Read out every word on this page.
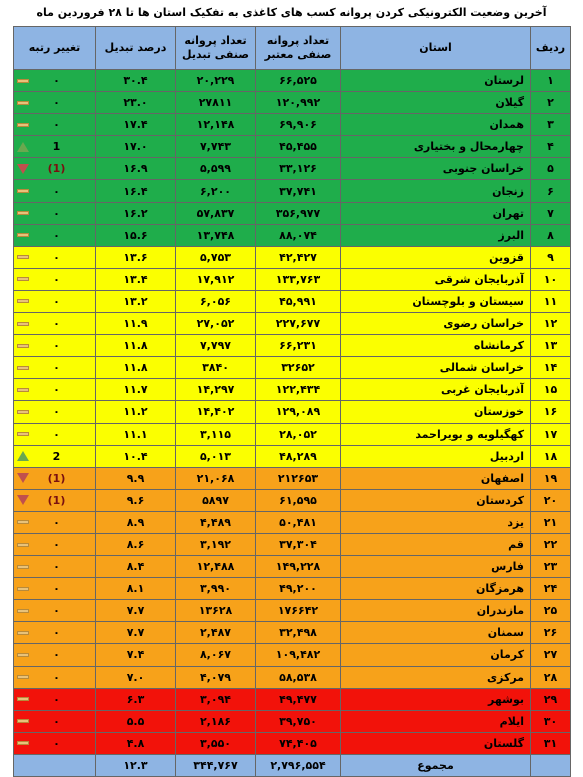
آخرین وضعیت الکترونیکی کردن پروانه کسب های کاغذی به تفکیک استان ها تا ۲۸ فروردین ماه
ردیف	استان	تعداد پروانه صنفی معتبر	تعداد پروانه صنفی تبدیل	درصد تبدیل	تغییر رتبه
۱	لرستان	۶۶,۵۲۵	۲۰,۲۲۹	۳۰.۴	۰
۲	گیلان	۱۲۰,۹۹۲	۲۷۸۱۱	۲۳.۰	۰
۳	همدان	۶۹,۹۰۶	۱۲,۱۴۸	۱۷.۴	۰
۴	چهارمحال و بختیاری	۴۵,۴۵۵	۷,۷۴۳	۱۷.۰	1
۵	خراسان جنوبی	۳۳,۱۲۶	۵,۵۹۹	۱۶.۹	(1)
۶	زنجان	۳۷,۷۴۱	۶,۲۰۰	۱۶.۴	۰
۷	تهران	۳۵۶,۹۷۷	۵۷,۸۳۷	۱۶.۲	۰
۸	البرز	۸۸,۰۷۴	۱۳,۷۴۸	۱۵.۶	۰
۹	قزوین	۴۲,۴۲۷	۵,۷۵۳	۱۳.۶	۰
۱۰	آذربایجان شرقی	۱۳۳,۷۶۳	۱۷,۹۱۲	۱۳.۴	۰
۱۱	سیستان و بلوچستان	۴۵,۹۹۱	۶,۰۵۶	۱۳.۲	۰
۱۲	خراسان رضوی	۲۲۷,۶۷۷	۲۷,۰۵۲	۱۱.۹	۰
۱۳	کرمانشاه	۶۶,۲۳۱	۷,۷۹۷	۱۱.۸	۰
۱۴	خراسان شمالی	۳۲۶۵۲	۳۸۴۰	۱۱.۸	۰
۱۵	آذربایجان غربی	۱۲۲,۴۳۴	۱۴,۲۹۷	۱۱.۷	۰
۱۶	خوزستان	۱۲۹,۰۸۹	۱۴,۴۰۲	۱۱.۲	۰
۱۷	کهگیلویه و بویراحمد	۲۸,۰۵۲	۳,۱۱۵	۱۱.۱	۰
۱۸	اردبیل	۴۸,۲۸۹	۵,۰۱۳	۱۰.۴	2
۱۹	اصفهان	۲۱۲۶۵۳	۲۱,۰۶۸	۹.۹	(1)
۲۰	کردستان	۶۱,۵۹۵	۵۸۹۷	۹.۶	(1)
۲۱	یزد	۵۰,۴۸۱	۴,۴۸۹	۸.۹	۰
۲۲	قم	۳۷,۳۰۴	۳,۱۹۲	۸.۶	۰
۲۳	فارس	۱۴۹,۲۲۸	۱۲,۴۸۸	۸.۴	۰
۲۴	هرمزگان	۴۹,۲۰۰	۳,۹۹۰	۸.۱	۰
۲۵	مازندران	۱۷۶۶۴۲	۱۳۶۲۸	۷.۷	۰
۲۶	سمنان	۳۲,۴۹۸	۲,۴۸۷	۷.۷	۰
۲۷	کرمان	۱۰۹,۴۸۲	۸,۰۶۷	۷.۴	۰
۲۸	مرکزی	۵۸,۵۳۸	۴,۰۷۹	۷.۰	۰
۲۹	بوشهر	۴۹,۴۷۷	۳,۰۹۴	۶.۳	۰
۳۰	ایلام	۳۹,۷۵۰	۲,۱۸۶	۵.۵	۰
۳۱	گلستان	۷۴,۴۰۵	۳,۵۵۰	۴.۸	۰
	مجموع	۲,۷۹۶,۵۵۴	۳۴۴,۷۶۷	۱۲.۳	
